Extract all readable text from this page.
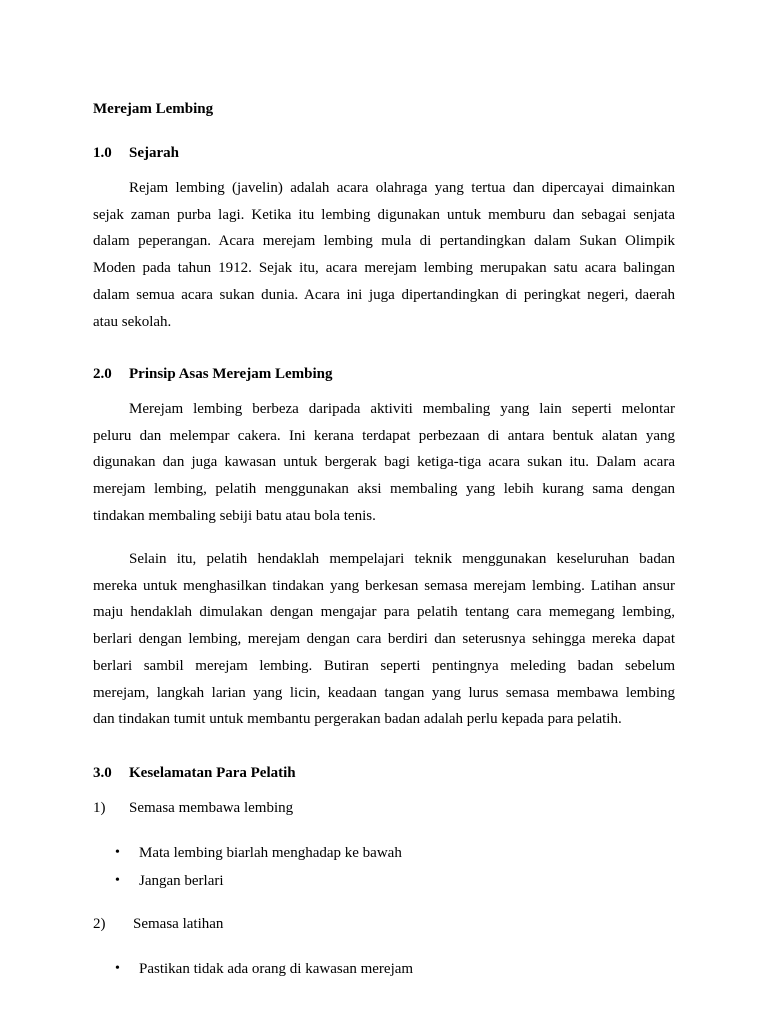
Merejam Lembing
1.0 Sejarah
Rejam lembing (javelin) adalah acara olahraga yang tertua dan dipercayai dimainkan
sejak zaman purba lagi. Ketika itu lembing digunakan untuk memburu dan sebagai senjata
dalam peperangan. Acara merejam lembing mula di pertandingkan dalam Sukan Olimpik
Moden pada tahun 1912. Sejak itu, acara merejam lembing merupakan satu acara balingan
dalam semua acara sukan dunia. Acara ini juga dipertandingkan di peringkat negeri, daerah
atau sekolah.
2.0 Prinsip Asas Merejam Lembing
Merejam lembing berbeza daripada aktiviti membaling yang lain seperti melontar
peluru dan melempar cakera. Ini kerana terdapat perbezaan di antara bentuk alatan yang
digunakan dan juga kawasan untuk bergerak bagi ketiga-tiga acara sukan itu. Dalam acara
merejam lembing, pelatih menggunakan aksi membaling yang lebih kurang sama dengan
tindakan membaling sebiji batu atau bola tenis.
Selain itu, pelatih hendaklah mempelajari teknik menggunakan keseluruhan badan
mereka untuk menghasilkan tindakan yang berkesan semasa merejam lembing. Latihan ansur
maju hendaklah dimulakan dengan mengajar para pelatih tentang cara memegang lembing,
berlari dengan lembing, merejam dengan cara berdiri dan seterusnya sehingga mereka dapat
berlari sambil merejam lembing. Butiran seperti pentingnya meleding badan sebelum
merejam, langkah larian yang licin, keadaan tangan yang lurus semasa membawa lembing
dan tindakan tumit untuk membantu pergerakan badan adalah perlu kepada para pelatih.
3.0 Keselamatan Para Pelatih
1) Semasa membawa lembing
•
Mata lembing biarlah menghadap ke bawah
•
Jangan berlari
2) Semasa latihan
•
Pastikan tidak ada orang di kawasan merejam
